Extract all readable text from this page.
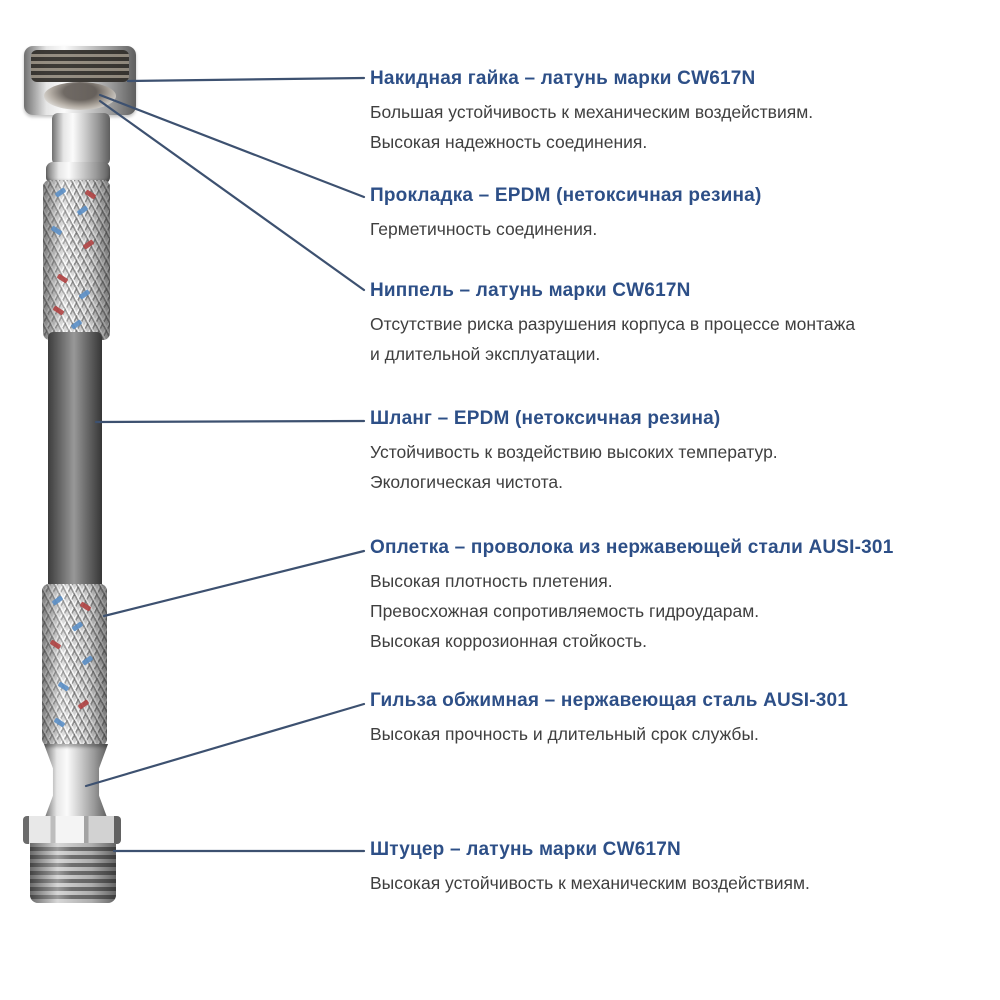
Накидная гайка – латунь марки CW617N
Большая устойчивость к механическим воздействиям.
Высокая надежность соединения.
Прокладка – EPDM (нетоксичная резина)
Герметичность соединения.
Ниппель – латунь марки CW617N
Отсутствие риска разрушения корпуса в процессе монтажа
и длительной эксплуатации.
Шланг – EPDM (нетоксичная резина)
Устойчивость к воздействию высоких температур.
Экологическая чистота.
Оплетка – проволока из нержавеющей стали AUSI-301
Высокая плотность плетения.
Превосхожная сопротивляемость гидроударам.
Высокая коррозионная стойкость.
Гильза обжимная – нержавеющая сталь AUSI-301
Высокая прочность и длительный срок службы.
Штуцер – латунь марки CW617N
Высокая устойчивость к механическим воздействиям.
